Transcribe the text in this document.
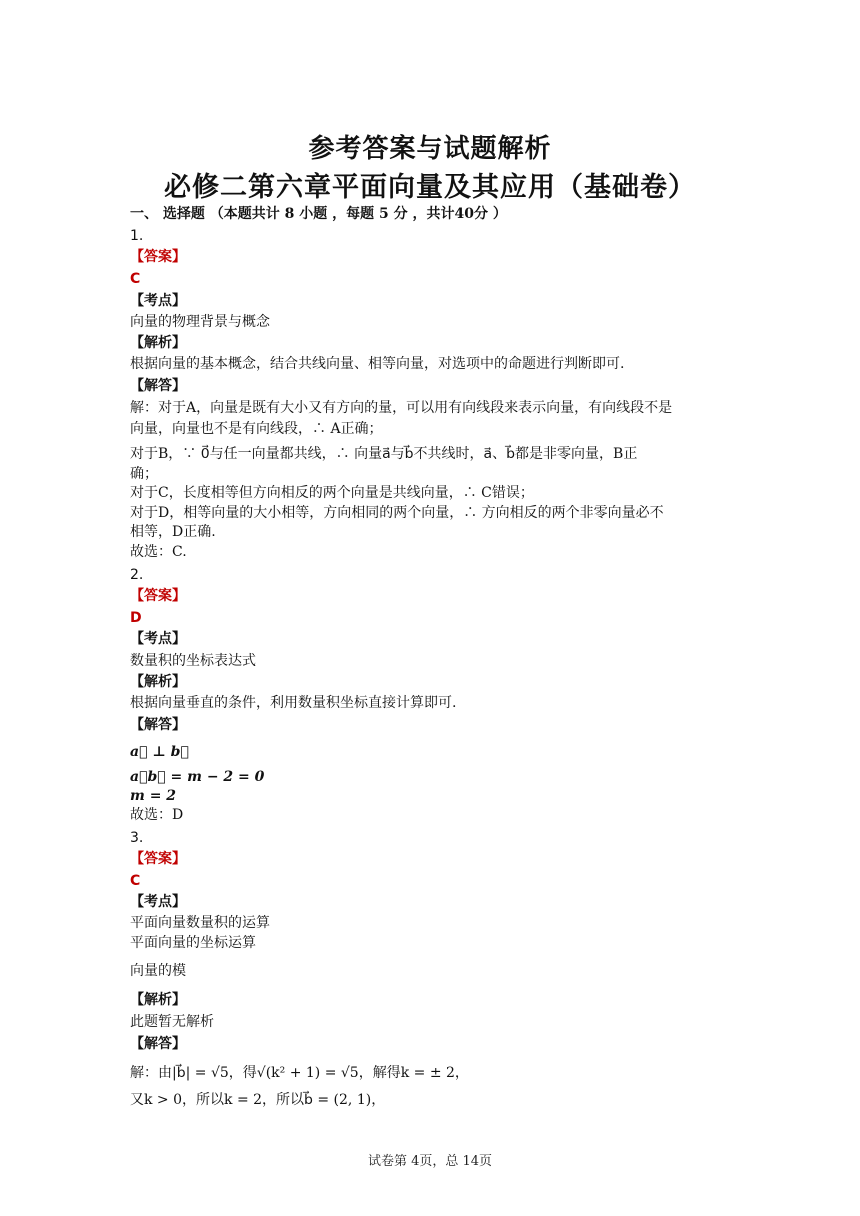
参考答案与试题解析
必修二第六章平面向量及其应用（基础卷）
一、 选择题 （本题共计 8 小题 ，每题 5 分 ，共计40分 ）
1.
【答案】
C
【考点】
向量的物理背景与概念
【解析】
根据向量的基本概念，结合共线向量、相等向量，对选项中的命题进行判断即可.
【解答】
解：对于A，向量是既有大小又有方向的量，可以用有向线段来表示向量，有向线段不是
向量，向量也不是有向线段，∴ A正确；
对于B，∵ 0⃗与任一向量都共线，∴ 向量a⃗与b⃗不共线时，a⃗、b⃗都是非零向量，B正
确；
对于C，长度相等但方向相反的两个向量是共线向量，∴ C错误；
对于D，相等向量的大小相等，方向相同的两个向量，∴ 方向相反的两个非零向量必不
相等，D正确.
故选：C.
2.
【答案】
D
【考点】
数量积的坐标表达式
【解析】
根据向量垂直的条件，利用数量积坐标直接计算即可.
【解答】
a⃗ ⊥ b⃗
a⃗b⃗ = m − 2 = 0
m = 2
故选：D
3.
【答案】
C
【考点】
平面向量数量积的运算
平面向量的坐标运算
向量的模
【解析】
此题暂无解析
【解答】
解：由|b⃗| = √5，得√(k² + 1) = √5，解得k = ± 2，
又k > 0，所以k = 2，所以b⃗ = (2, 1)，
试卷第 4页，总 14页
